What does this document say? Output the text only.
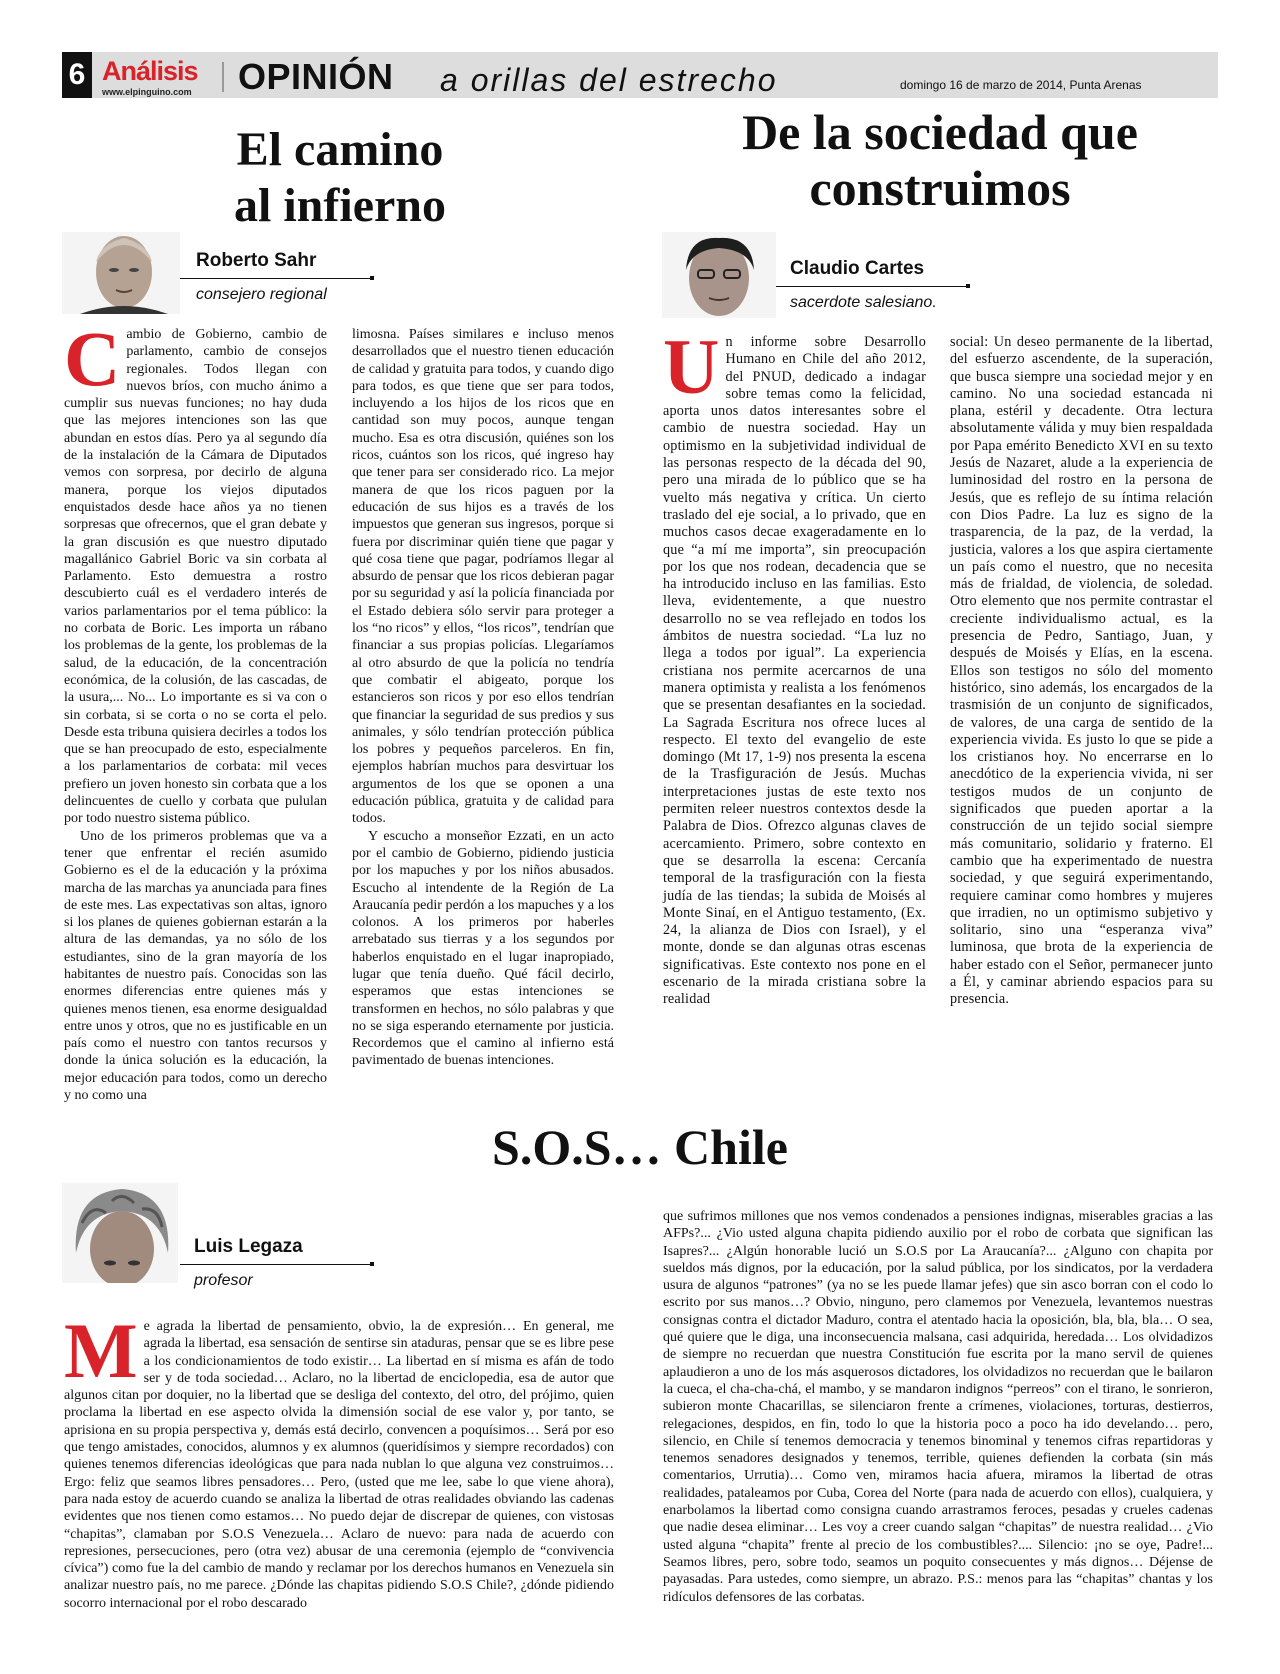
6 Análisis
www.elpinguino.com OPINIÓN a orillas del estrecho	domingo 16 de marzo de 2014, Punta Arenas
El camino
al infierno
Roberto Sahr
consejero regional

Cambio de Gobierno, cambio de parlamento, cambio de consejos regionales. Todos llegan con nuevos bríos, con mucho ánimo a cumplir sus nuevas funciones; no hay duda que las mejores intenciones son las que abundan en estos días. Pero ya al segundo día de la instalación de la Cámara de Diputados vemos con sorpresa, por decirlo de alguna manera, porque los viejos diputados enquistados desde hace años ya no tienen sorpresas que ofrecernos, que el gran debate y la gran discusión es que nuestro diputado magallánico Gabriel Boric va sin corbata al Parlamento. Esto demuestra a rostro descubierto cuál es el verdadero interés de varios parlamentarios por el tema público: la no corbata de Boric. Les importa un rábano los problemas de la gente, los problemas de la salud, de la educación, de la concentración económica, de la colusión, de las cascadas, de la usura,... No... Lo importante es si va con o sin corbata, si se corta o no se corta el pelo. Desde esta tribuna quisiera decirles a todos los que se han preocupado de esto, especialmente a los parlamentarios de corbata: mil veces prefiero un joven honesto sin corbata que a los delincuentes de cuello y corbata que pululan por todo nuestro sistema público.

Uno de los primeros problemas que va a tener que enfrentar el recién asumido Gobierno es el de la educación y la próxima marcha de las marchas ya anunciada para fines de este mes. Las expectativas son altas, ignoro si los planes de quienes gobiernan estarán a la altura de las demandas, ya no sólo de los estudiantes, sino de la gran mayoría de los habitantes de nuestro país. Conocidas son las enormes diferencias entre quienes más y quienes menos tienen, esa enorme desigualdad entre unos y otros, que no es justificable en un país como el nuestro con tantos recursos y donde la única solución es la educación, la mejor educación para todos, como un derecho y no como una

limosna. Países similares e incluso menos desarrollados que el nuestro tienen educación de calidad y gratuita para todos, y cuando digo para todos, es que tiene que ser para todos, incluyendo a los hijos de los ricos que en cantidad son muy pocos, aunque tengan mucho. Esa es otra discusión, quiénes son los ricos, cuántos son los ricos, qué ingreso hay que tener para ser considerado rico. La mejor manera de que los ricos paguen por la educación de sus hijos es a través de los impuestos que generan sus ingresos, porque si fuera por discriminar quién tiene que pagar y qué cosa tiene que pagar, podríamos llegar al absurdo de pensar que los ricos debieran pagar por su seguridad y así la policía financiada por el Estado debiera sólo servir para proteger a los “no ricos” y ellos, “los ricos”, tendrían que financiar a sus propias policías. Llegaríamos al otro absurdo de que la policía no tendría que combatir el abigeato, porque los estancieros son ricos y por eso ellos tendrían que financiar la seguridad de sus predios y sus animales, y sólo tendrían protección pública los pobres y pequeños parceleros. En fin, ejemplos habrían muchos para desvirtuar los argumentos de los que se oponen a una educación pública, gratuita y de calidad para todos.

Y escucho a monseñor Ezzati, en un acto por el cambio de Gobierno, pidiendo justicia por los mapuches y por los niños abusados. Escucho al intendente de la Región de La Araucanía pedir perdón a los mapuches y a los colonos. A los primeros por haberles arrebatado sus tierras y a los segundos por haberlos enquistado en el lugar inapropiado, lugar que tenía dueño. Qué fácil decirlo, esperamos que estas intenciones se transformen en hechos, no sólo palabras y que no se siga esperando eternamente por justicia. Recordemos que el camino al infierno está pavimentado de buenas intenciones.

De la sociedad que
construimos
Claudio Cartes
sacerdote salesiano.

Un informe sobre Desarrollo Humano en Chile del año 2012, del PNUD, dedicado a indagar sobre temas como la felicidad, aporta unos datos interesantes sobre el cambio de nuestra sociedad. Hay un optimismo en la subjetividad individual de las personas respecto de la década del 90, pero una mirada de lo público que se ha vuelto más negativa y crítica. Un cierto traslado del eje social, a lo privado, que en muchos casos decae exageradamente en lo que “a mí me importa”, sin preocupación por los que nos rodean, decadencia que se ha introducido incluso en las familias. Esto lleva, evidentemente, a que nuestro desarrollo no se vea reflejado en todos los ámbitos de nuestra sociedad. “La luz no llega a todos por igual”. La experiencia cristiana nos permite acercarnos de una manera optimista y realista a los fenómenos que se presentan desafiantes en la sociedad. La Sagrada Escritura nos ofrece luces al respecto. El texto del evangelio de este domingo (Mt 17, 1-9) nos presenta la escena de la Trasfiguración de Jesús. Muchas interpretaciones justas de este texto nos permiten releer nuestros contextos desde la Palabra de Dios. Ofrezco algunas claves de acercamiento. Primero, sobre contexto en que se desarrolla la escena: Cercanía temporal de la trasfiguración con la fiesta judía de las tiendas; la subida de Moisés al Monte Sinaí, en el Antiguo testamento, (Ex. 24, la alianza de Dios con Israel), y el monte, donde se dan algunas otras escenas significativas. Este contexto nos pone en el escenario de la mirada cristiana sobre la realidad

social: Un deseo permanente de la libertad, del esfuerzo ascendente, de la superación, que busca siempre una sociedad mejor y en camino. No una sociedad estancada ni plana, estéril y decadente. Otra lectura absolutamente válida y muy bien respaldada por Papa emérito Benedicto XVI en su texto Jesús de Nazaret, alude a la experiencia de luminosidad del rostro en la persona de Jesús, que es reflejo de su íntima relación con Dios Padre. La luz es signo de la trasparencia, de la paz, de la verdad, la justicia, valores a los que aspira ciertamente un país como el nuestro, que no necesita más de frialdad, de violencia, de soledad. Otro elemento que nos permite contrastar el creciente individualismo actual, es la presencia de Pedro, Santiago, Juan, y después de Moisés y Elías, en la escena. Ellos son testigos no sólo del momento histórico, sino además, los encargados de la trasmisión de un conjunto de significados, de valores, de una carga de sentido de la experiencia vivida. Es justo lo que se pide a los cristianos hoy. No encerrarse en lo anecdótico de la experiencia vivida, ni ser testigos mudos de un conjunto de significados que pueden aportar a la construcción de un tejido social siempre más comunitario, solidario y fraterno. El cambio que ha experimentado de nuestra sociedad, y que seguirá experimentando, requiere caminar como hombres y mujeres que irradien, no un optimismo subjetivo y solitario, sino una “esperanza viva” luminosa, que brota de la experiencia de haber estado con el Señor, permanecer junto a Él, y caminar abriendo espacios para su presencia.

S.O.S… Chile
Luis Legaza
profesor

Me agrada la libertad de pensamiento, obvio, la de expresión… En general, me agrada la libertad, esa sensación de sentirse sin ataduras, pensar que se es libre pese a los condicionamientos de todo existir… La libertad en sí misma es afán de todo ser y de toda sociedad… Aclaro, no la libertad de enciclopedia, esa de autor que algunos citan por doquier, no la libertad que se desliga del contexto, del otro, del prójimo, quien proclama la libertad en ese aspecto olvida la dimensión social de ese valor y, por tanto, se aprisiona en su propia perspectiva y, demás está decirlo, convencen a poquísimos… Será por eso que tengo amistades, conocidos, alumnos y ex alumnos (queridísimos y siempre recordados) con quienes tenemos diferencias ideológicas que para nada nublan lo que alguna vez construimos… Ergo: feliz que seamos libres pensadores… Pero, (usted que me lee, sabe lo que viene ahora), para nada estoy de acuerdo cuando se analiza la libertad de otras realidades obviando las cadenas evidentes que nos tienen como estamos… No puedo dejar de discrepar de quienes, con vistosas “chapitas”, clamaban por S.O.S Venezuela… Aclaro de nuevo: para nada de acuerdo con represiones, persecuciones, pero (otra vez) abusar de una ceremonia (ejemplo de “convivencia cívica”) como fue la del cambio de mando y reclamar por los derechos humanos en Venezuela sin analizar nuestro país, no me parece. ¿Dónde las chapitas pidiendo S.O.S Chile?, ¿dónde pidiendo socorro internacional por el robo descarado

que sufrimos millones que nos vemos condenados a pensiones indignas, miserables gracias a las AFPs?... ¿Vio usted alguna chapita pidiendo auxilio por el robo de corbata que significan las Isapres?... ¿Algún honorable lució un S.O.S por La Araucanía?... ¿Alguno con chapita por sueldos más dignos, por la educación, por la salud pública, por los sindicatos, por la verdadera usura de algunos “patrones” (ya no se les puede llamar jefes) que sin asco borran con el codo lo escrito por sus manos…? Obvio, ninguno, pero clamemos por Venezuela, levantemos nuestras consignas contra el dictador Maduro, contra el atentado hacia la oposición, bla, bla, bla… O sea, qué quiere que le diga, una inconsecuencia malsana, casi adquirida, heredada… Los olvidadizos de siempre no recuerdan que nuestra Constitución fue escrita por la mano servil de quienes aplaudieron a uno de los más asquerosos dictadores, los olvidadizos no recuerdan que le bailaron la cueca, el cha-cha-chá, el mambo, y se mandaron indignos “perreos” con el tirano, le sonrieron, subieron monte Chacarillas, se silenciaron frente a crímenes, violaciones, torturas, destierros, relegaciones, despidos, en fin, todo lo que la historia poco a poco ha ido develando… pero, silencio, en Chile sí tenemos democracia y tenemos binominal y tenemos cifras repartidoras y tenemos senadores designados y tenemos, terrible, quienes defienden la corbata (sin más comentarios, Urrutia)… Como ven, miramos hacia afuera, miramos la libertad de otras realidades, pataleamos por Cuba, Corea del Norte (para nada de acuerdo con ellos), cualquiera, y enarbolamos la libertad como consigna cuando arrastramos feroces, pesadas y crueles cadenas que nadie desea eliminar… Les voy a creer cuando salgan “chapitas” de nuestra realidad… ¿Vio usted alguna “chapita” frente al precio de los combustibles?.... Silencio: ¡no se oye, Padre!... Seamos libres, pero, sobre todo, seamos un poquito consecuentes y más dignos… Déjense de payasadas. Para ustedes, como siempre, un abrazo. P.S.: menos para las “chapitas” chantas y los ridículos defensores de las corbatas.
